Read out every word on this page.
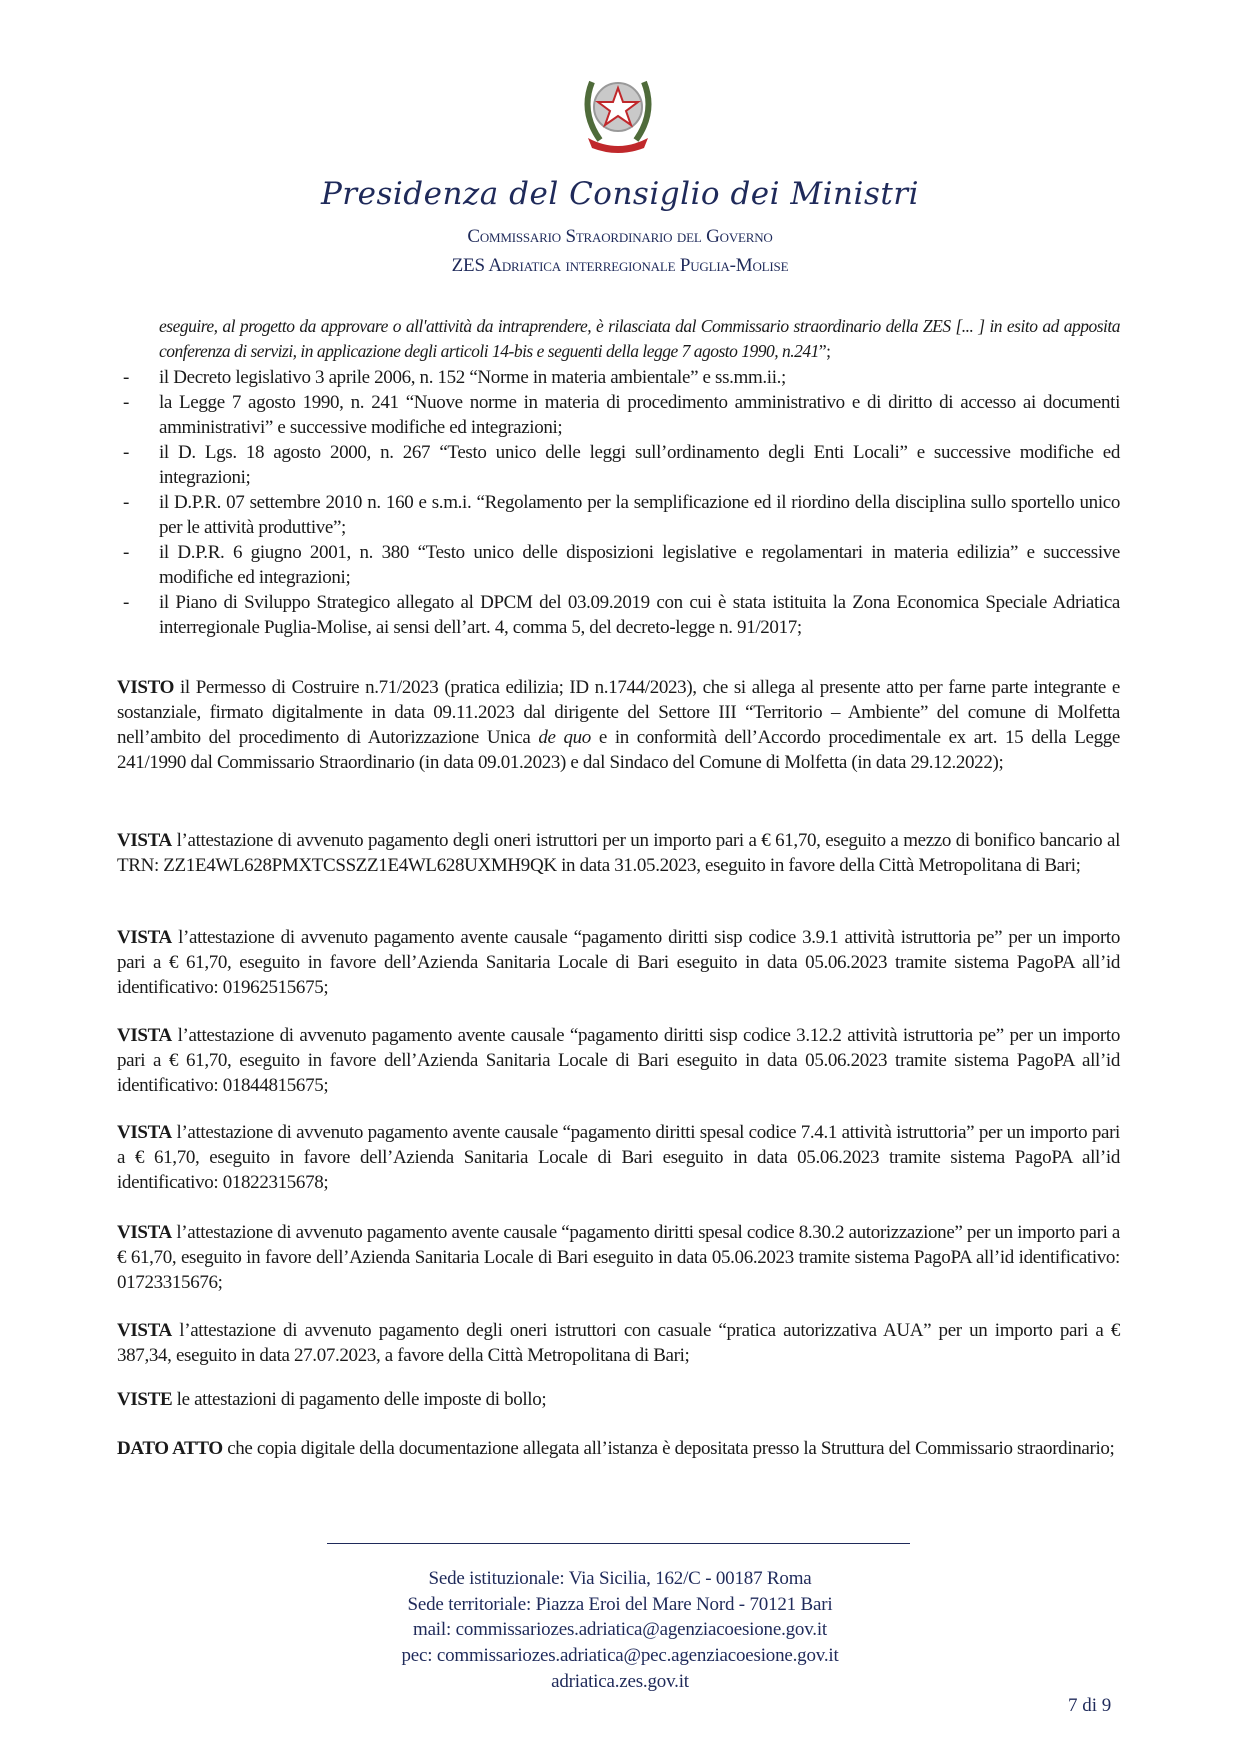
Presidenza del Consiglio dei Ministri
Commissario Straordinario del Governo
ZES Adriatica interregionale Puglia-Molise
eseguire, al progetto da approvare o all'attività da intraprendere, è rilasciata dal Commissario straordinario della ZES [... ] in esito ad apposita conferenza di servizi, in applicazione degli articoli 14-bis e seguenti della legge 7 agosto 1990, n.241”;
- il Decreto legislativo 3 aprile 2006, n. 152 “Norme in materia ambientale” e ss.mm.ii.;
- la Legge 7 agosto 1990, n. 241 “Nuove norme in materia di procedimento amministrativo e di diritto di accesso ai documenti amministrativi” e successive modifiche ed integrazioni;
- il D. Lgs. 18 agosto 2000, n. 267 “Testo unico delle leggi sull’ordinamento degli Enti Locali” e successive modifiche ed integrazioni;
- il D.P.R. 07 settembre 2010 n. 160 e s.m.i. “Regolamento per la semplificazione ed il riordino della disciplina sullo sportello unico per le attività produttive”;
- il D.P.R. 6 giugno 2001, n. 380 “Testo unico delle disposizioni legislative e regolamentari in materia edilizia” e successive modifiche ed integrazioni;
- il Piano di Sviluppo Strategico allegato al DPCM del 03.09.2019 con cui è stata istituita la Zona Economica Speciale Adriatica interregionale Puglia-Molise, ai sensi dell’art. 4, comma 5, del decreto-legge n. 91/2017;
VISTO il Permesso di Costruire n.71/2023 (pratica edilizia; ID n.1744/2023), che si allega al presente atto per farne parte integrante e sostanziale, firmato digitalmente in data 09.11.2023 dal dirigente del Settore III “Territorio – Ambiente” del comune di Molfetta nell’ambito del procedimento di Autorizzazione Unica de quo e in conformità dell’Accordo procedimentale ex art. 15 della Legge 241/1990 dal Commissario Straordinario (in data 09.01.2023) e dal Sindaco del Comune di Molfetta (in data 29.12.2022);
VISTA l’attestazione di avvenuto pagamento degli oneri istruttori per un importo pari a € 61,70, eseguito a mezzo di bonifico bancario al TRN: ZZ1E4WL628PMXTCSSZZ1E4WL628UXMH9QK in data 31.05.2023, eseguito in favore della Città Metropolitana di Bari;
VISTA l’attestazione di avvenuto pagamento avente causale “pagamento diritti sisp codice 3.9.1 attività istruttoria pe” per un importo pari a € 61,70, eseguito in favore dell’Azienda Sanitaria Locale di Bari eseguito in data 05.06.2023 tramite sistema PagoPA all’id identificativo: 01962515675;
VISTA l’attestazione di avvenuto pagamento avente causale “pagamento diritti sisp codice 3.12.2 attività istruttoria pe” per un importo pari a € 61,70, eseguito in favore dell’Azienda Sanitaria Locale di Bari eseguito in data 05.06.2023 tramite sistema PagoPA all’id identificativo: 01844815675;
VISTA l’attestazione di avvenuto pagamento avente causale “pagamento diritti spesal codice 7.4.1 attività istruttoria” per un importo pari a € 61,70, eseguito in favore dell’Azienda Sanitaria Locale di Bari eseguito in data 05.06.2023 tramite sistema PagoPA all’id identificativo: 01822315678;
VISTA l’attestazione di avvenuto pagamento avente causale “pagamento diritti spesal codice 8.30.2 autorizzazione” per un importo pari a € 61,70, eseguito in favore dell’Azienda Sanitaria Locale di Bari eseguito in data 05.06.2023 tramite sistema PagoPA all’id identificativo: 01723315676;
VISTA l’attestazione di avvenuto pagamento degli oneri istruttori con casuale “pratica autorizzativa AUA” per un importo pari a € 387,34, eseguito in data 27.07.2023, a favore della Città Metropolitana di Bari;
VISTE le attestazioni di pagamento delle imposte di bollo;
DATO ATTO che copia digitale della documentazione allegata all’istanza è depositata presso la Struttura del Commissario straordinario;
Sede istituzionale: Via Sicilia, 162/C - 00187 Roma
Sede territoriale: Piazza Eroi del Mare Nord - 70121 Bari
mail: commissariozes.adriatica@agenziacoesione.gov.it
pec: commissariozes.adriatica@pec.agenziacoesione.gov.it
adriatica.zes.gov.it
7 di 9
